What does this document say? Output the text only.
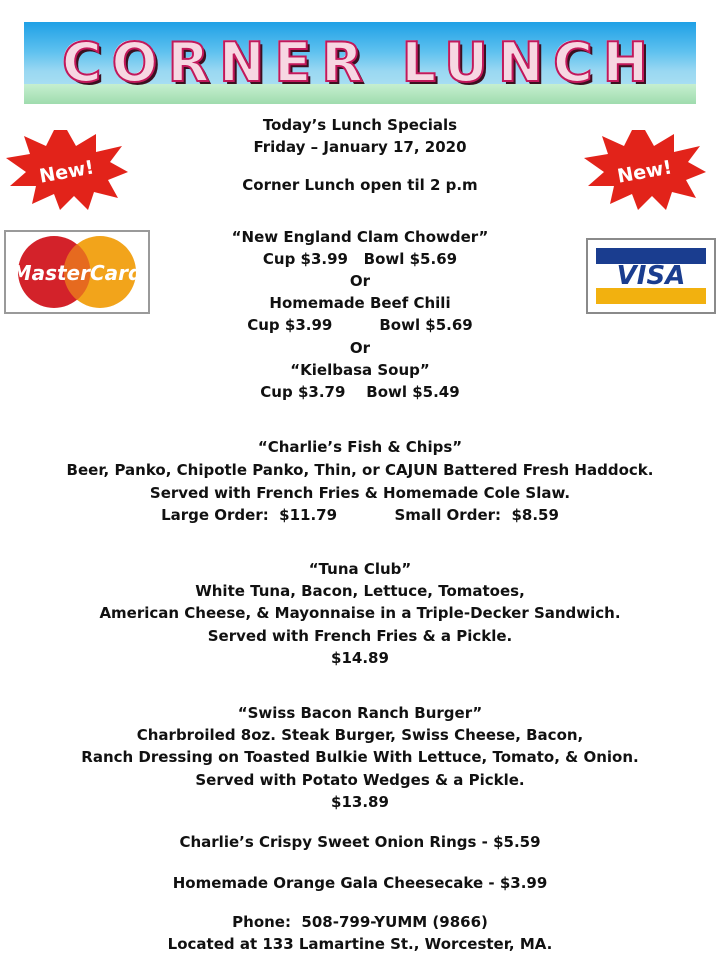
CORNER LUNCH
New!	New!
MasterCard	VISA
Today’s Lunch Specials
Friday – January 17, 2020
Corner Lunch open til 2 p.m
“New England Clam Chowder”
Cup $3.99   Bowl $5.69
Or
Homemade Beef Chili
Cup $3.99         Bowl $5.69
Or
“Kielbasa Soup”
Cup $3.79    Bowl $5.49
“Charlie’s Fish & Chips”
Beer, Panko, Chipotle Panko, Thin, or CAJUN Battered Fresh Haddock.
Served with French Fries & Homemade Cole Slaw.
Large Order:  $11.79           Small Order:  $8.59
“Tuna Club”
White Tuna, Bacon, Lettuce, Tomatoes,
American Cheese, & Mayonnaise in a Triple-Decker Sandwich.
Served with French Fries & a Pickle.
$14.89
“Swiss Bacon Ranch Burger”
Charbroiled 8oz. Steak Burger, Swiss Cheese, Bacon,
Ranch Dressing on Toasted Bulkie With Lettuce, Tomato, & Onion.
Served with Potato Wedges & a Pickle.
$13.89
Charlie’s Crispy Sweet Onion Rings - $5.59
Homemade Orange Gala Cheesecake - $3.99
Phone:  508-799-YUMM (9866)
Located at 133 Lamartine St., Worcester, MA.
